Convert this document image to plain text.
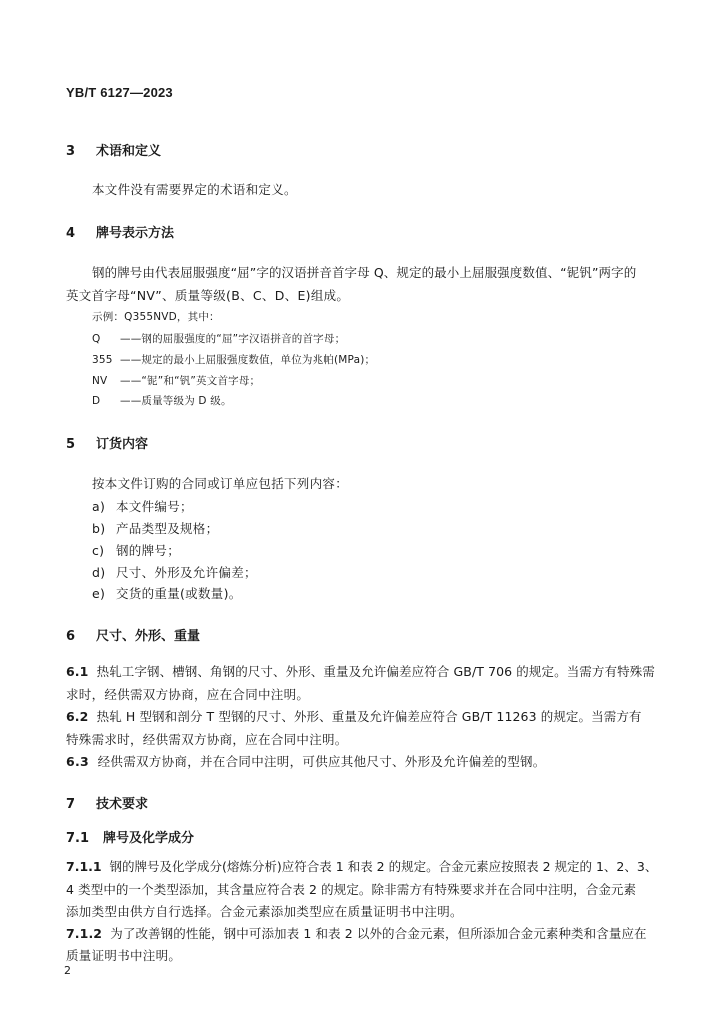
YB/T 6127—2023
3 术语和定义
本文件没有需要界定的术语和定义。
4 牌号表示方法
钢的牌号由代表屈服强度“屈”字的汉语拼音首字母 Q、规定的最小上屈服强度数值、“铌钒”两字的
英文首字母“NV”、质量等级(B、C、D、E)组成。
示例：Q355NVD，其中：
Q ——钢的屈服强度的“屈”字汉语拼音的首字母；
355 ——规定的最小上屈服强度数值，单位为兆帕(MPa)；
NV ——“铌”和“钒”英文首字母；
D ——质量等级为 D 级。
5 订货内容
按本文件订购的合同或订单应包括下列内容：
a) 本文件编号；
b) 产品类型及规格；
c) 钢的牌号；
d) 尺寸、外形及允许偏差；
e) 交货的重量(或数量)。
6 尺寸、外形、重量
6.1 热轧工字钢、槽钢、角钢的尺寸、外形、重量及允许偏差应符合 GB/T 706 的规定。当需方有特殊需
求时，经供需双方协商，应在合同中注明。
6.2 热轧 H 型钢和剖分 T 型钢的尺寸、外形、重量及允许偏差应符合 GB/T 11263 的规定。当需方有
特殊需求时，经供需双方协商，应在合同中注明。
6.3 经供需双方协商，并在合同中注明，可供应其他尺寸、外形及允许偏差的型钢。
7 技术要求
7.1 牌号及化学成分
7.1.1 钢的牌号及化学成分(熔炼分析)应符合表 1 和表 2 的规定。合金元素应按照表 2 规定的 1、2、3、
4 类型中的一个类型添加，其含量应符合表 2 的规定。除非需方有特殊要求并在合同中注明，合金元素
添加类型由供方自行选择。合金元素添加类型应在质量证明书中注明。
7.1.2 为了改善钢的性能，钢中可添加表 1 和表 2 以外的合金元素，但所添加合金元素种类和含量应在
质量证明书中注明。
2
